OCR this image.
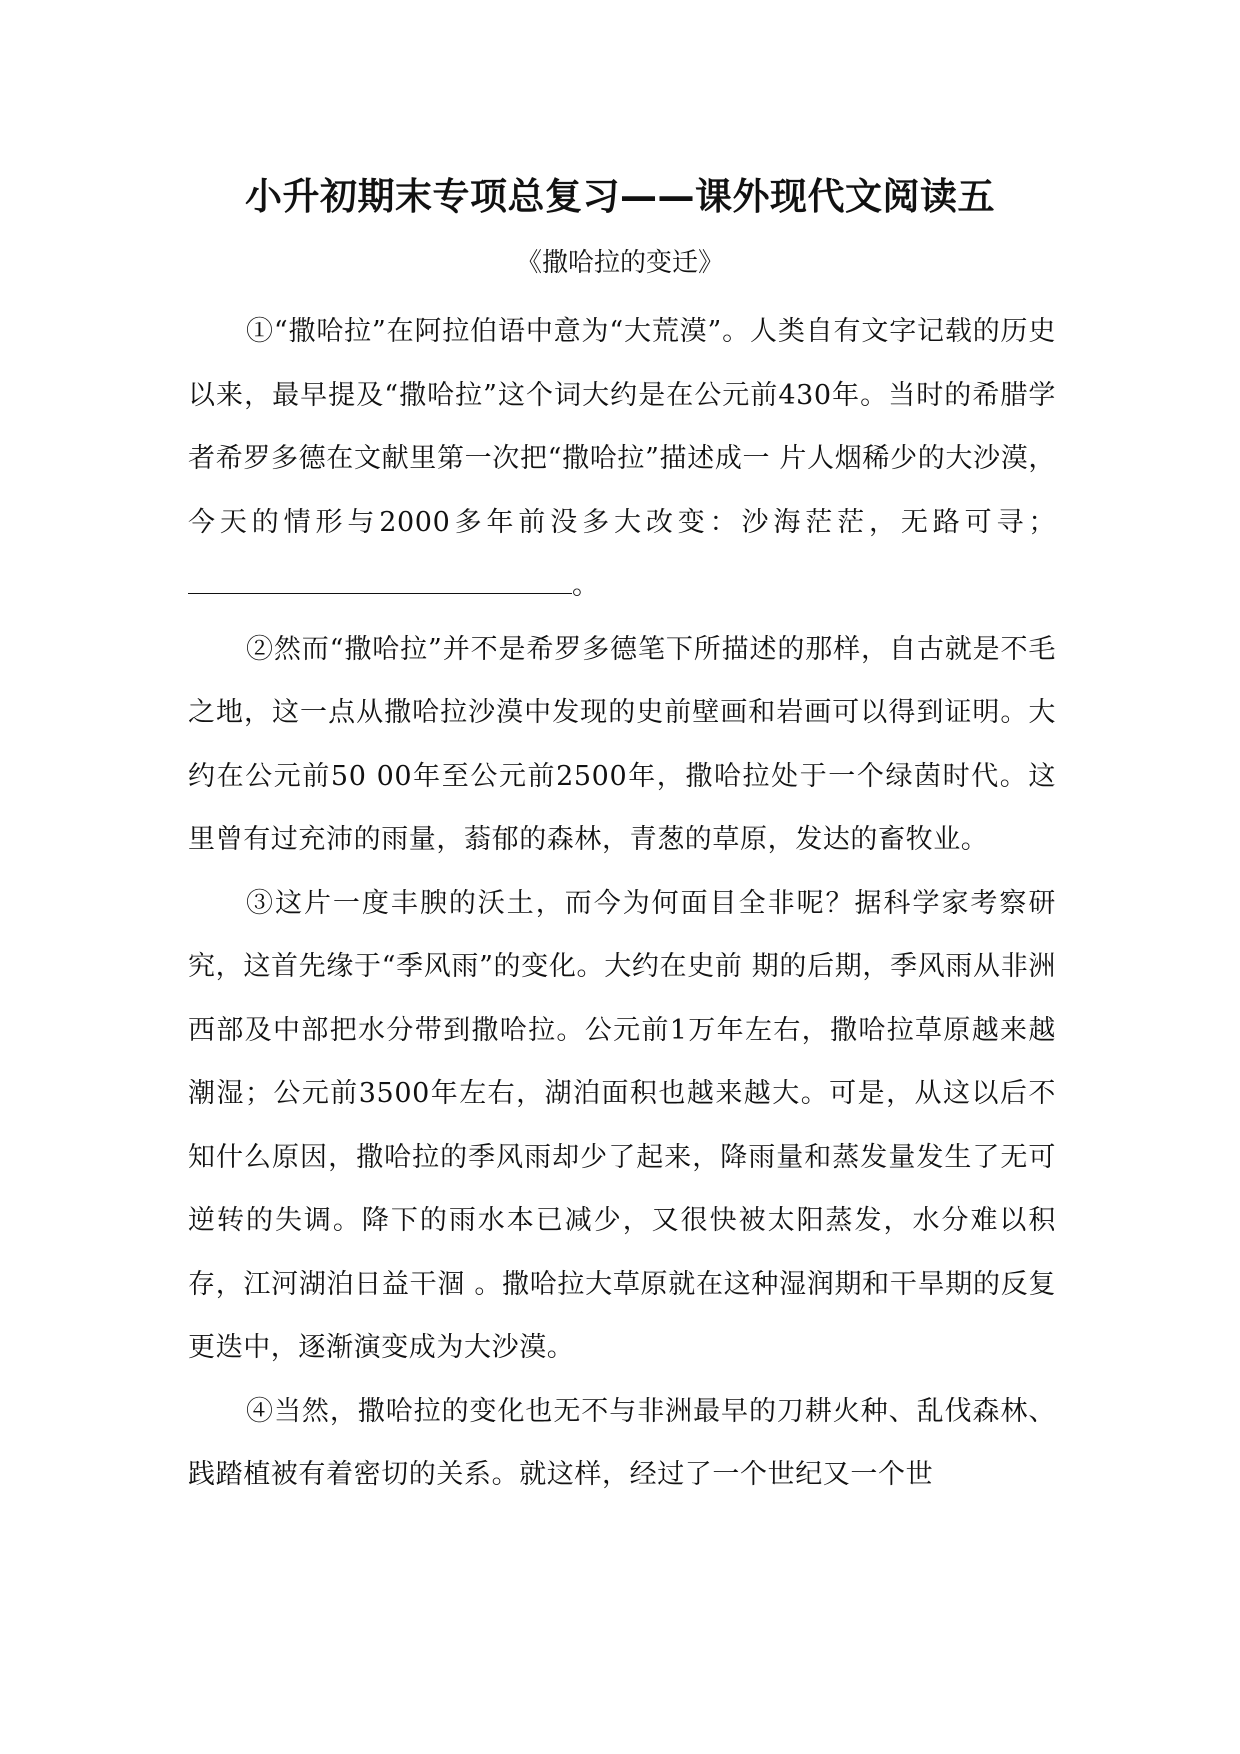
小升初期末专项总复习——课外现代文阅读五
《撒哈拉的变迁》

①“撒哈拉”在阿拉伯语中意为“大荒漠”。人类自有文字记载的历史以来，最早提及“撒哈拉”这个词大约是在公元前430年。当时的希腊学者希罗多德在文献里第一次把“撒哈拉”描述成一 片人烟稀少的大沙漠，今天的情形与2000多年前没多大改变：沙海茫茫，无路可寻；。

②然而“撒哈拉”并不是希罗多德笔下所描述的那样，自古就是不毛之地，这一点从撒哈拉沙漠中发现的史前壁画和岩画可以得到证明。大约在公元前50 00年至公元前2500年，撒哈拉处于一个绿茵时代。这里曾有过充沛的雨量，蓊郁的森林，青葱的草原，发达的畜牧业。

③这片一度丰腴的沃土，而今为何面目全非呢？据科学家考察研究，这首先缘于“季风雨”的变化。大约在史前 期的后期，季风雨从非洲西部及中部把水分带到撒哈拉。公元前1万年左右，撒哈拉草原越来越潮湿；公元前3500年左右，湖泊面积也越来越大。可是，从这以后不知什么原因，撒哈拉的季风雨却少了起来，降雨量和蒸发量发生了无可逆转的失调。降下的雨水本已减少，又很快被太阳蒸发，水分难以积存，江河湖泊日益干涸 。撒哈拉大草原就在这种湿润期和干旱期的反复更迭中，逐渐演变成为大沙漠。

④当然，撒哈拉的变化也无不与非洲最早的刀耕火种、乱伐森林、践踏植被有着密切的关系。就这样，经过了一个世纪又一个世
